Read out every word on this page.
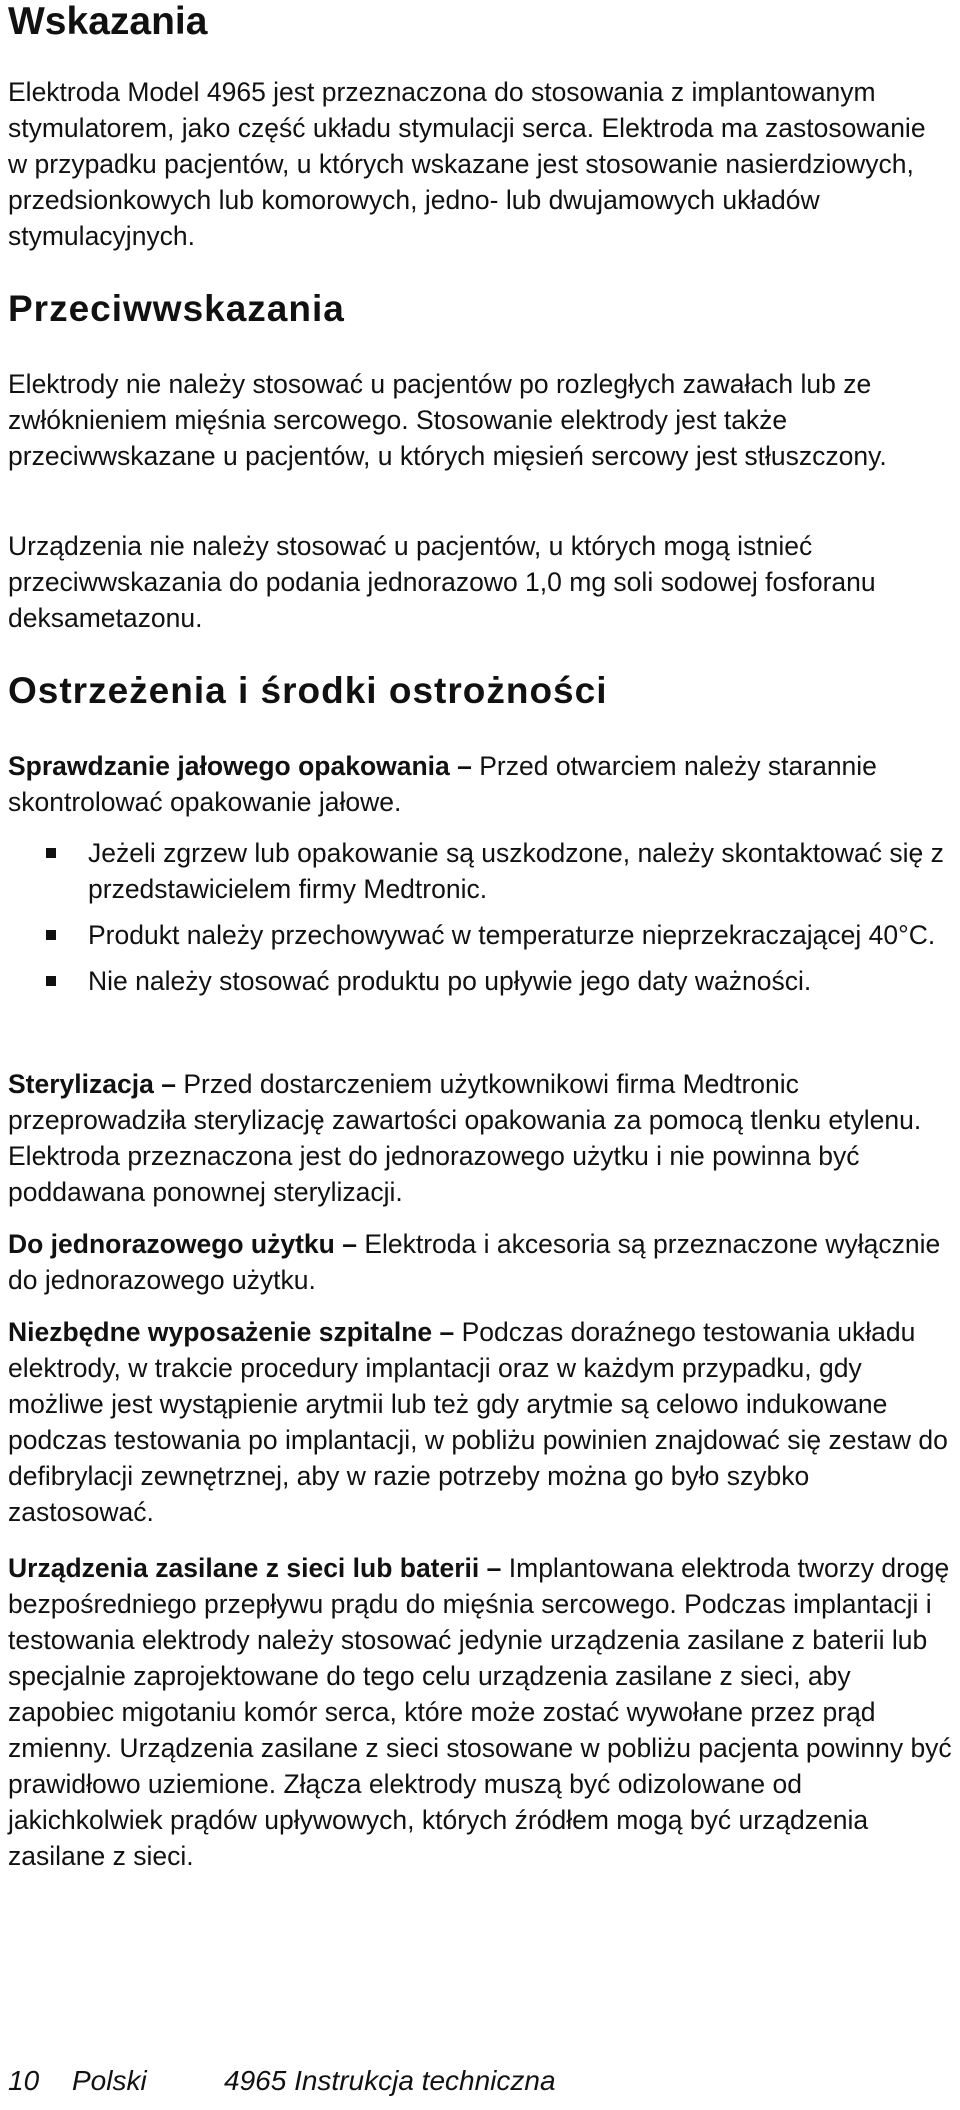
Wskazania

Elektroda Model 4965 jest przeznaczona do stosowania z implantowanym stymulatorem, jako część układu stymulacji serca. Elektroda ma zastosowanie w przypadku pacjentów, u których wskazane jest stosowanie nasierdziowych, przedsionkowych lub komorowych, jedno- lub dwujamowych układów stymulacyjnych.

Przeciwwskazania

Elektrody nie należy stosować u pacjentów po rozległych zawałach lub ze zwłóknieniem mięśnia sercowego. Stosowanie elektrody jest także przeciwwskazane u pacjentów, u których mięsień sercowy jest stłuszczony.

Urządzenia nie należy stosować u pacjentów, u których mogą istnieć przeciwwskazania do podania jednorazowo 1,0 mg soli sodowej fosforanu deksametazonu.

Ostrzeżenia i środki ostrożności

Sprawdzanie jałowego opakowania – Przed otwarciem należy starannie skontrolować opakowanie jałowe.

Jeżeli zgrzew lub opakowanie są uszkodzone, należy skontaktować się z przedstawicielem firmy Medtronic.
Produkt należy przechowywać w temperaturze nieprzekraczającej 40°C.
Nie należy stosować produktu po upływie jego daty ważności.

Sterylizacja – Przed dostarczeniem użytkownikowi firma Medtronic przeprowadziła sterylizację zawartości opakowania za pomocą tlenku etylenu. Elektroda przeznaczona jest do jednorazowego użytku i nie powinna być poddawana ponownej sterylizacji.

Do jednorazowego użytku – Elektroda i akcesoria są przeznaczone wyłącznie do jednorazowego użytku.

Niezbędne wyposażenie szpitalne – Podczas doraźnego testowania układu elektrody, w trakcie procedury implantacji oraz w każdym przypadku, gdy możliwe jest wystąpienie arytmii lub też gdy arytmie są celowo indukowane podczas testowania po implantacji, w pobliżu powinien znajdować się zestaw do defibrylacji zewnętrznej, aby w razie potrzeby można go było szybko zastosować.

Urządzenia zasilane z sieci lub baterii – Implantowana elektroda tworzy drogę bezpośredniego przepływu prądu do mięśnia sercowego. Podczas implantacji i testowania elektrody należy stosować jedynie urządzenia zasilane z baterii lub specjalnie zaprojektowane do tego celu urządzenia zasilane z sieci, aby zapobiec migotaniu komór serca, które może zostać wywołane przez prąd zmienny. Urządzenia zasilane z sieci stosowane w pobliżu pacjenta powinny być prawidłowo uziemione. Złącza elektrody muszą być odizolowane od jakichkolwiek prądów upływowych, których źródłem mogą być urządzenia zasilane z sieci.

10 Polski	4965 Instrukcja techniczna
